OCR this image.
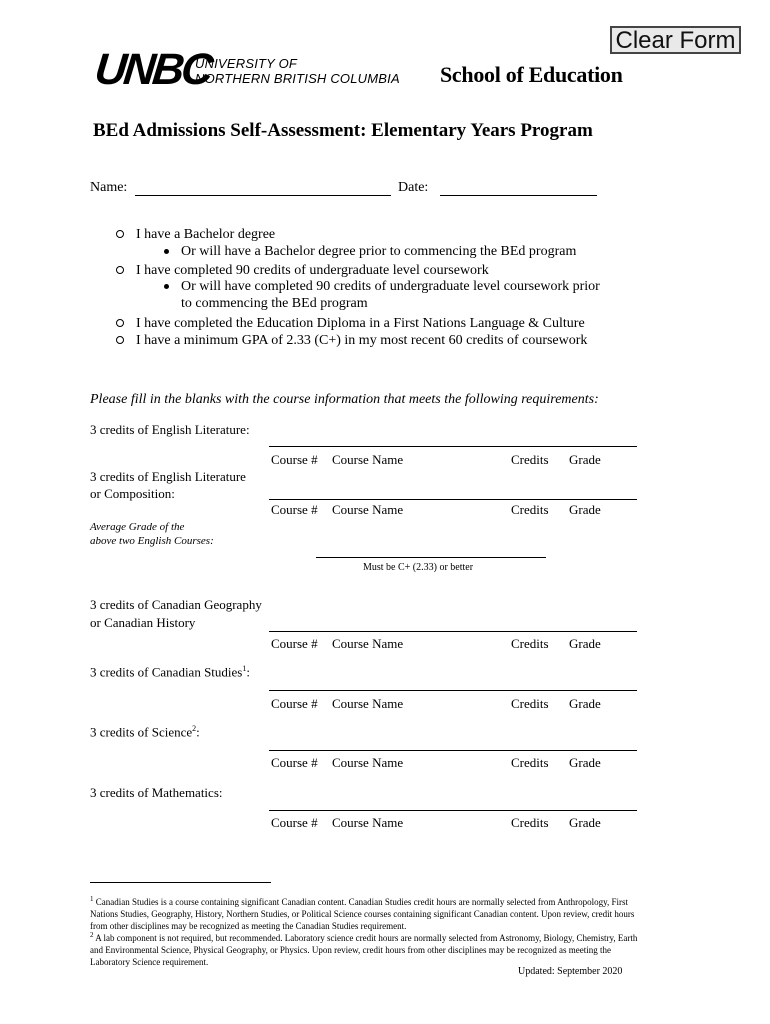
Clear Form
UNBC
UNIVERSITY OF
NORTHERN BRITISH COLUMBIA School of Education
BEd Admissions Self-Assessment: Elementary Years Program
Name:	Date:
I have a Bachelor degree
Or will have a Bachelor degree prior to commencing the BEd program
I have completed 90 credits of undergraduate level coursework
Or will have completed 90 credits of undergraduate level coursework prior
to commencing the BEd program
I have completed the Education Diploma in a First Nations Language & Culture
I have a minimum GPA of 2.33 (C+) in my most recent 60 credits of coursework
Please fill in the blanks with the course information that meets the following requirements:
3 credits of English Literature:
Course # Course Name	Credits Grade
3 credits of English Literature
or Composition:
Course # Course Name	Credits Grade
Average Grade of the
above two English Courses:
Must be C+ (2.33) or better
3 credits of Canadian Geography
or Canadian History
Course # Course Name	Credits Grade
3 credits of Canadian Studies$^1$:
Course # Course Name	Credits Grade
3 credits of Science$^2$:
Course # Course Name	Credits Grade
3 credits of Mathematics:
Course # Course Name	Credits Grade
$^1$ Canadian Studies is a course containing significant Canadian content. Canadian Studies credit hours are normally selected from Anthropology, First Nations Studies, Geography, History, Northern Studies, or Political Science courses containing significant Canadian content. Upon review, credit hours from other disciplines may be recognized as meeting the Canadian Studies requirement.
$^2$ A lab component is not required, but recommended. Laboratory science credit hours are normally selected from Astronomy, Biology, Chemistry, Earth and Environmental Science, Physical Geography, or Physics. Upon review, credit hours from other disciplines may be recognized as meeting the Laboratory Science requirement.
Updated: September 2020
